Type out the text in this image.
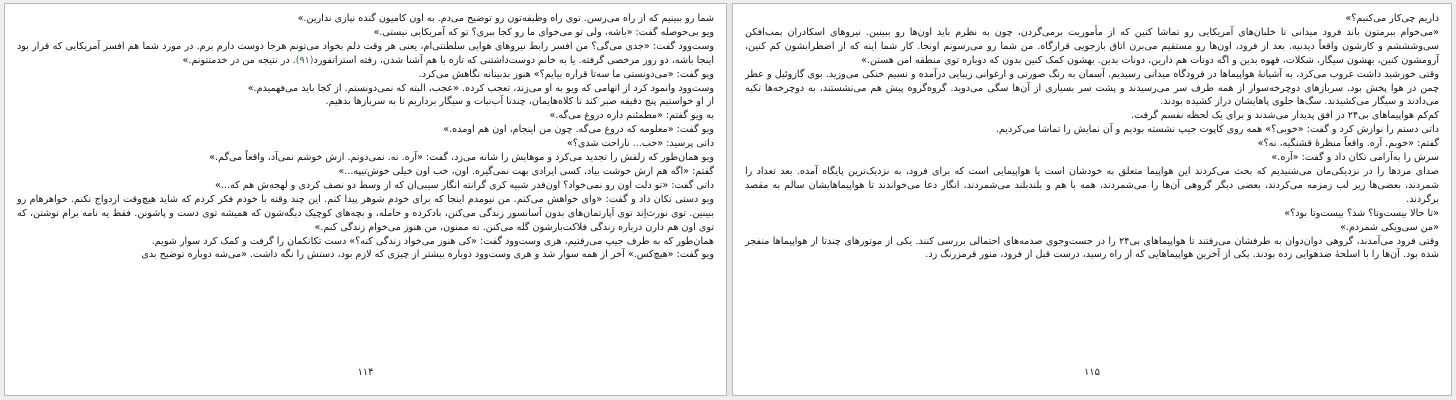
شما رو ببینیم که از راه می‌رسن. توی راه وظیفه‌تون رو توضیح می‌دم. به اون کامیون گنده نیازی ندارین.»

ویو بی‌حوصله گفت: «باشه، ولی تو می‌خوای ما رو کجا ببری؟ تو که آمریکایی نیستی.»

وست‌وود گفت: «جدی می‌گی؟ من افسر رابط نیروهای هوایی سلطنتی‌ام، یعنی هر وقت دلم بخواد می‌تونم هرجا دوست دارم برم. در مورد شما هم افسر آمریکایی که قرار بود اینجا باشه، دو روز مرخصی گرفته. یا به خانم دوست‌داشتنی که تازه با هم آشنا شدن، رفته استراتفورد(۹۱). در نتیجه من در خدمتتونم.»

ویو گفت: «می‌دونستی ما سه‌تا قراره بیایم؟» هنوز بدبینانه نگاهش می‌کرد.

وست‌وود وانمود کرد از اتهامی که ویو به او می‌زند، تعجب کرده. «عجب، البته که نمی‌دونستم. از کجا باید می‌فهمیدم.»

از او خواستیم پنج دقیقه صبر کند تا کلاه‌هایمان، چندتا آب‌نبات و سیگار برداریم تا به سربازها بدهیم.

به ویو گفتم: «مطمئنم داره دروغ می‌گه.»

ویو گفت: «معلومه که دروغ می‌گه. چون من اینجام، اون هم اومده.»

داتی پرسید: «خب... ناراحت شدی؟»

ویو همان‌طور که زلفش را تجدید می‌کرد و موهایش را شانه می‌زد، گفت: «آره. نه. نمی‌دونم. ازش خوشم نمی‌آد، واقعاً می‌گم.»

گفتم: «اگه هم ازش خوشت بیاد، کسی ایرادی بهت نمی‌گیره. اون، خب اون خیلی خوش‌تیپه...»

داتی گفت: «تو دلت اون رو نمی‌خواد؟ اون‌قدر شبیه کری گرانته انگار سیبی‌ان که از وسط دو نصف کردی و لهجه‌ش هم که...»

ویو دستی تکان داد و گفت: «وای خواهش می‌کنم. من نیومدم اینجا که برای خودم شوهر پیدا کنم. این چند وقته با خودم فکر کردم که شاید هیچ‌وقت ازدواج نکنم. خواهرهام رو ببینین. توی نورث‌اِند توی آپارتمان‌های بدون آسانسور زندگی می‌کنن، بادکرده و حامله، و بچه‌های کوچیک دیگه‌شون که همیشه توی دست و پاشونن. فقط یه نامه برام نوشتن، که توی اون هم دارن درباره زندگی فلاکت‌بارشون گله می‌کنن. نه ممنون، من هنوز می‌خوام زندگی کنم.»

همان‌طور که به طرف جیپ می‌رفتیم، هری وست‌وود گفت: «کی هنوز می‌خواد زندگی کنه؟» دست تکانکمان را گرفت و کمک کرد سوار شویم.

ویو گفت: «هیچ‌کس.» آخر از همه سوار شد و هری وست‌وود دوباره بیشتر از چیزی که لازم بود، دستش را نگه داشت. «می‌شه دوباره توضیح بدی

۱۱۴

داریم چی‌کار می‌کنیم؟»

«می‌خوام ببرمتون باند فرود میدانی تا خلبان‌های آمریکایی رو تماشا کنین که از مأموریت برمی‌گردن، چون به نظرم باید اون‌ها رو ببینین. نیروهای اسکادران بمب‌افکن سی‌وشششم و کارشون واقعاً دیدنیه. بعد از فرود، اون‌ها رو مستقیم می‌برن اتاق بازجویی قرارگاه. من شما رو می‌رسونم اونجا. کار شما اینه که از اضطرابشون کم کنین، آرومشون کنین، بهشون سیگار، شکلات، قهوه بدین و اگه دونات هم دارین، دونات بدین. بهشون کمک کنین بدون که دوباره توی منطقه امن هستن.»

وقتی خورشید داشت غروب می‌کرد، به آشیانهٔ هواپیماها در فرودگاه میدانی رسیدیم. آسمان به رنگ صورتی و ارغوانی زیبایی درآمده و نسیم خنکی می‌وزید. بوی گازوئیل و عطر چمن در هوا پخش بود. سربازهای دوچرخه‌سوار از همه طرف سر می‌رسیدند و پشت سر بسیاری از آن‌ها سگی می‌دوید. گروه‌گروه پیش هم می‌نشستند، به دوچرخه‌ها تکیه می‌دادند و سیگار می‌کشیدند. سگ‌ها جلوی پاهایشان دراز کشیده بودند.

کم‌کم هواپیماهای بی۲۴ در افق پدیدار می‌شدند و برای یک لحظه نفسم گرفت.

داتی دستم را نوازش کرد و گفت: «خوبی؟» همه روی کاپوت جیپ نشسته بودیم و آن نمایش را تماشا می‌کردیم.

گفتم: «خوبم. آره. واقعاً منظرهٔ قشنگیه، نه؟»

سرش را به‌آرامی تکان داد و گفت: «آره.»

صدای مردها را در نزدیکی‌مان می‌شنیدیم که بحث می‌کردند این هواپیما متعلق به خودشان است یا هواپیمایی است که برای فرود، به نزدیک‌ترین پایگاه آمده. بعد تعداد را شمردند، بعضی‌ها زیر لب زمزمه می‌کردند، بعضی دیگر گروهی آن‌ها را می‌شمردند، همه با هم و بلندبلند می‌شمردند، انگار دعا می‌خواندند تا هواپیماهایشان سالم به مقصد برگردند.

«تا حالا بیست‌وتا؟ شد؟ بیست‌وتا بود؟»

«من سی‌ویکی شمردم.»

وقتی فرود می‌آمدند، گروهی دوان‌دوان به طرفشان می‌رفتند تا هواپیماهای بی۲۴ را در جست‌وجوی صدمه‌های احتمالی بررسی کنند. یکی از موتورهای چندتا از هواپیماها منفجر شده بود. آن‌ها را با اسلحهٔ ضدهوایی زده بودند. یکی از آخرین هواپیماهایی که از راه رسید، درست قبل از فرود، منور قرمزرنگ زد.

۱۱۵
